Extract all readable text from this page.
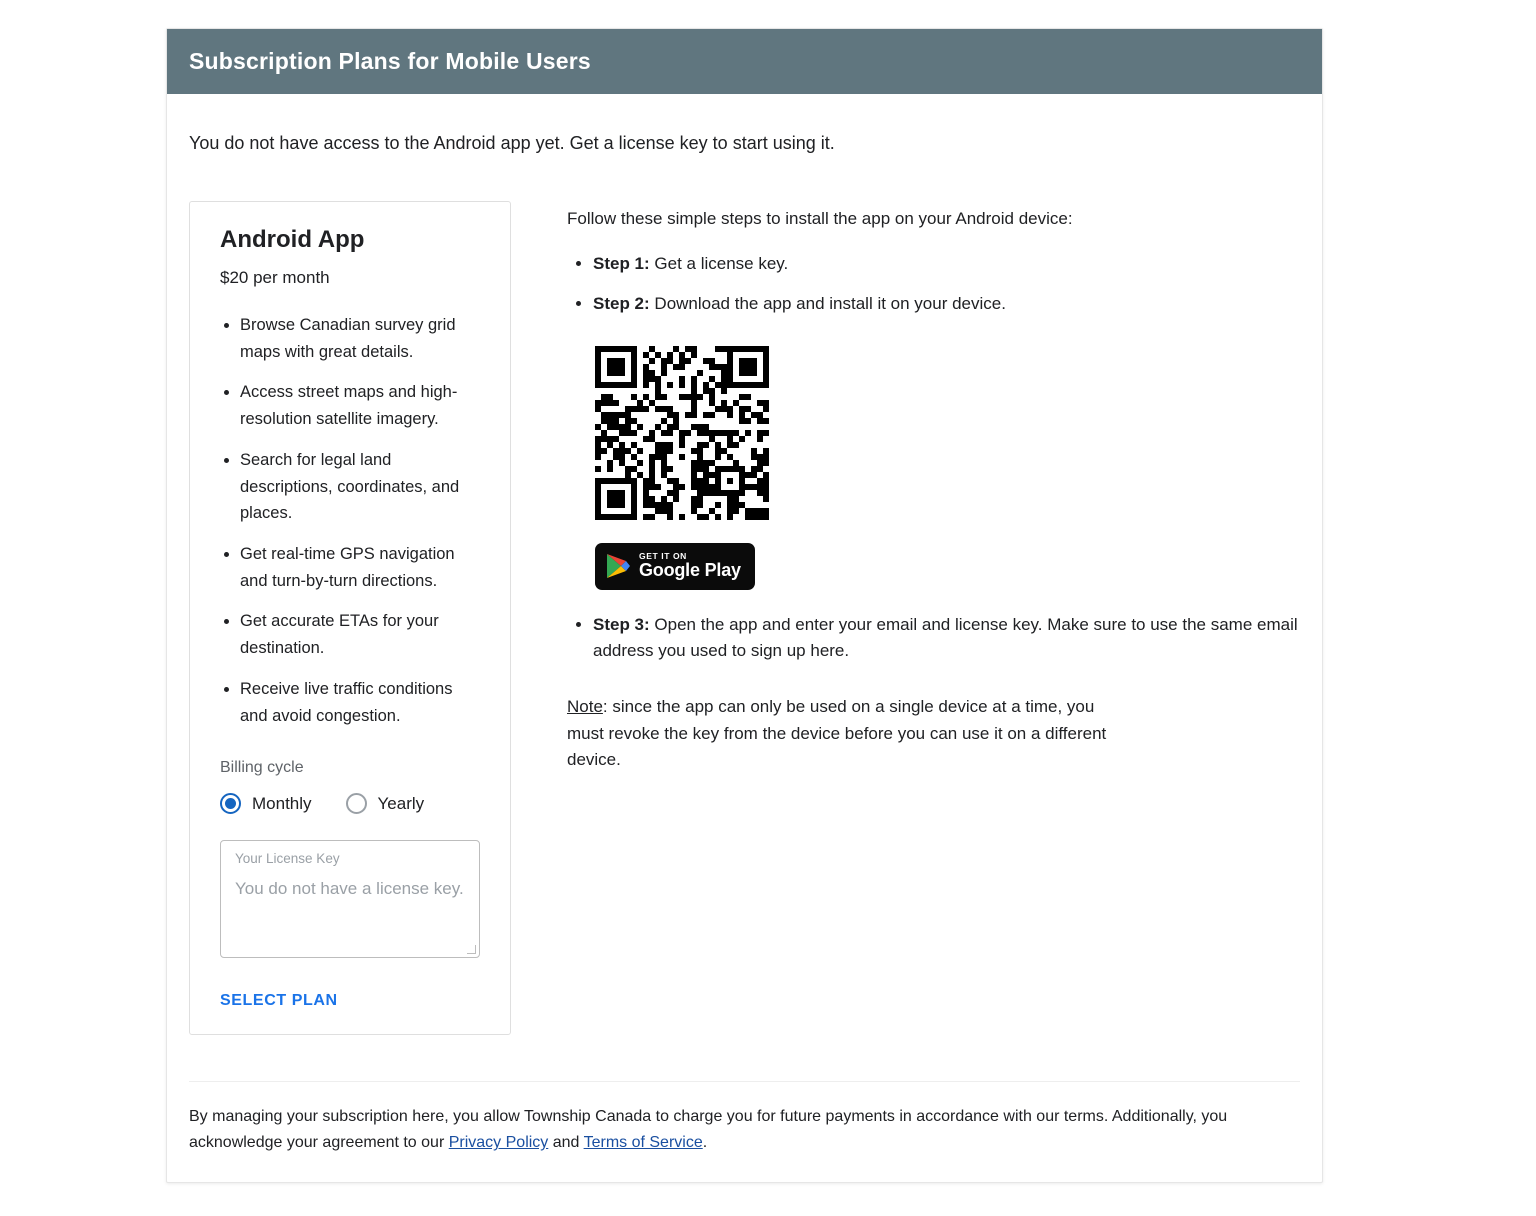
Subscription Plans for Mobile Users

You do not have access to the Android app yet. Get a license key to start using it.

Android App
$20 per month
• Browse Canadian survey grid maps with great details.
• Access street maps and high-resolution satellite imagery.
• Search for legal land descriptions, coordinates, and places.
• Get real-time GPS navigation and turn-by-turn directions.
• Get accurate ETAs for your destination.
• Receive live traffic conditions and avoid congestion.
Billing cycle
Monthly	Yearly
Your License Key
You do not have a license key.
SELECT PLAN

Follow these simple steps to install the app on your Android device:

• Step 1: Get a license key.
• Step 2: Download the app and install it on your device.
GET IT ON
Google Play
• Step 3: Open the app and enter your email and license key. Make sure to use the same email address you used to sign up here.

Note: since the app can only be used on a single device at a time, you must revoke the key from the device before you can use it on a different device.

By managing your subscription here, you allow Township Canada to charge you for future payments in accordance with our terms. Additionally, you acknowledge your agreement to our Privacy Policy and Terms of Service.
